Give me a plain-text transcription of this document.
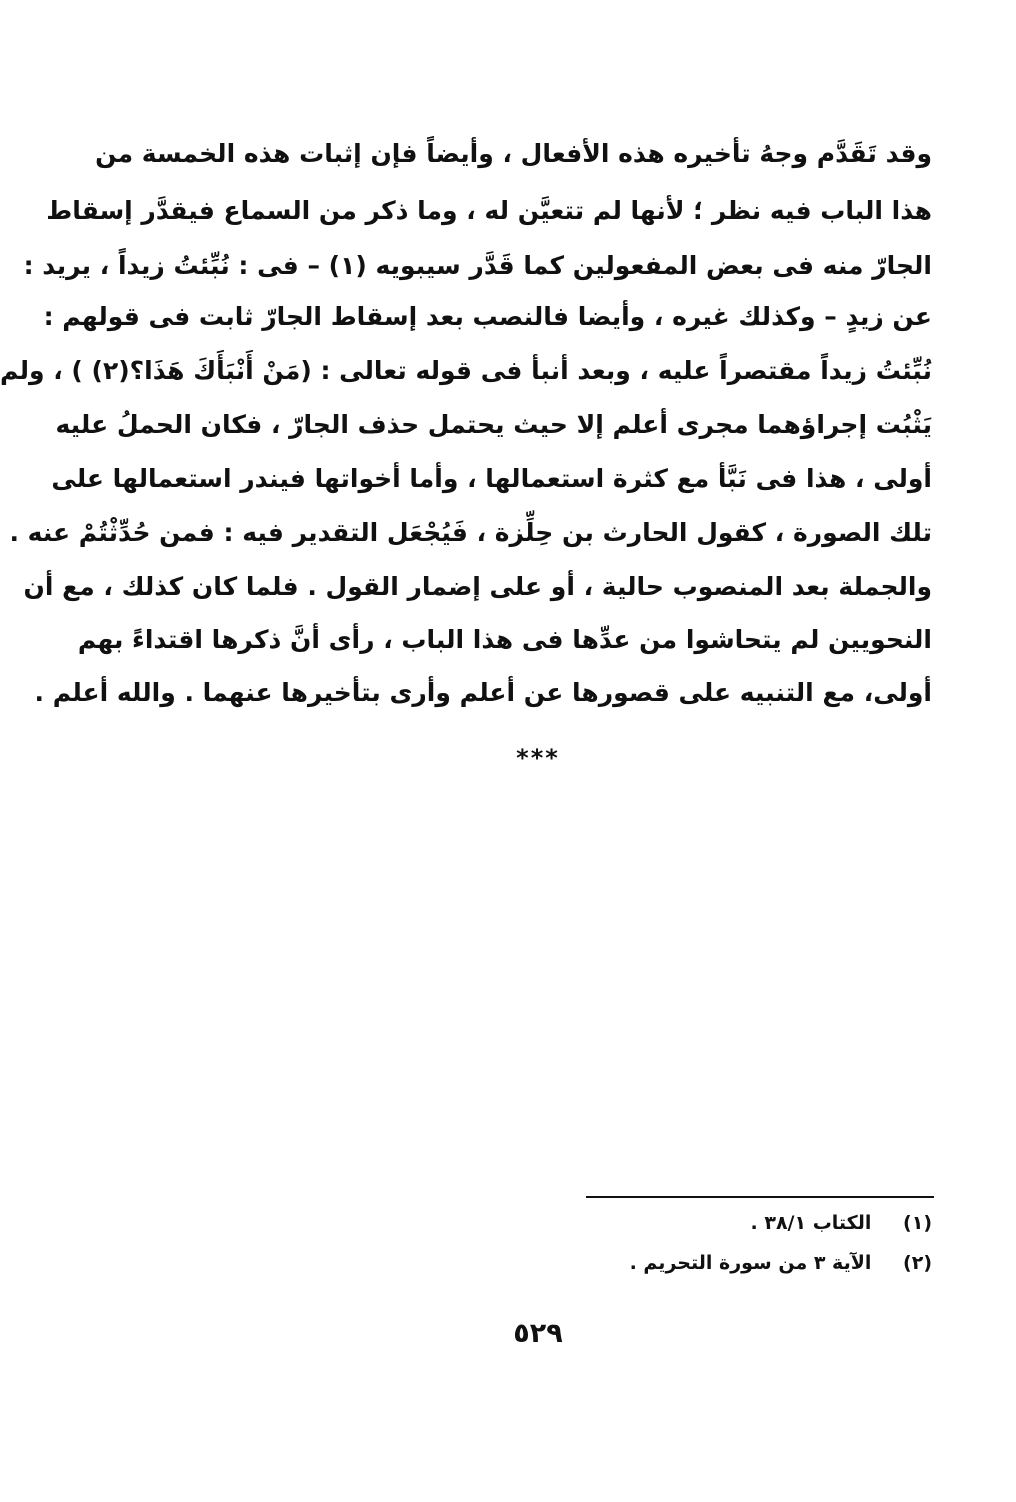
وقد تَقَدَّم وجهُ تأخيره هذه الأفعال ، وأيضاً فإن إثبات هذه الخمسة من
هذا الباب فيه نظر ؛ لأنها لم تتعيَّن له ، وما ذكر من السماع فيقدَّر إسقاط
الجارّ منه فى بعض المفعولين كما قَدَّر سيبويه (١) – فى : نُبِّئتُ زيداً ، يريد :
عن زيدٍ – وكذلك غيره ، وأيضا فالنصب بعد إسقاط الجارّ ثابت فى قولهم :
نُبِّئتُ زيداً مقتصراً عليه ، وبعد أنبأ فى قوله تعالى : (مَنْ أَنْبَأَكَ هَذَا؟(٢) ) ، ولم
يَثْبُت إجراؤهما مجرى أعلم إلا حيث يحتمل حذف الجارّ ، فكان الحملُ عليه
أولى ، هذا فى نَبَّأ مع كثرة استعمالها ، وأما أخواتها فيندر استعمالها على
تلك الصورة ، كقول الحارث بن حِلِّزة ، فَيُجْعَل التقدير فيه : فمن حُدِّثْتُمْ عنه .
والجملة بعد المنصوب حالية ، أو على إضمار القول . فلما كان كذلك ، مع أن
النحويين لم يتحاشوا من عدِّها فى هذا الباب ، رأى أنَّ ذكرها اقتداءً بهم
أولى، مع التنبيه على قصورها عن أعلم وأرى بتأخيرها عنهما . والله أعلم .
***
(١) الكتاب ٣٨/١ .
(٢) الآية ٣ من سورة التحريم .
٥٢٩
